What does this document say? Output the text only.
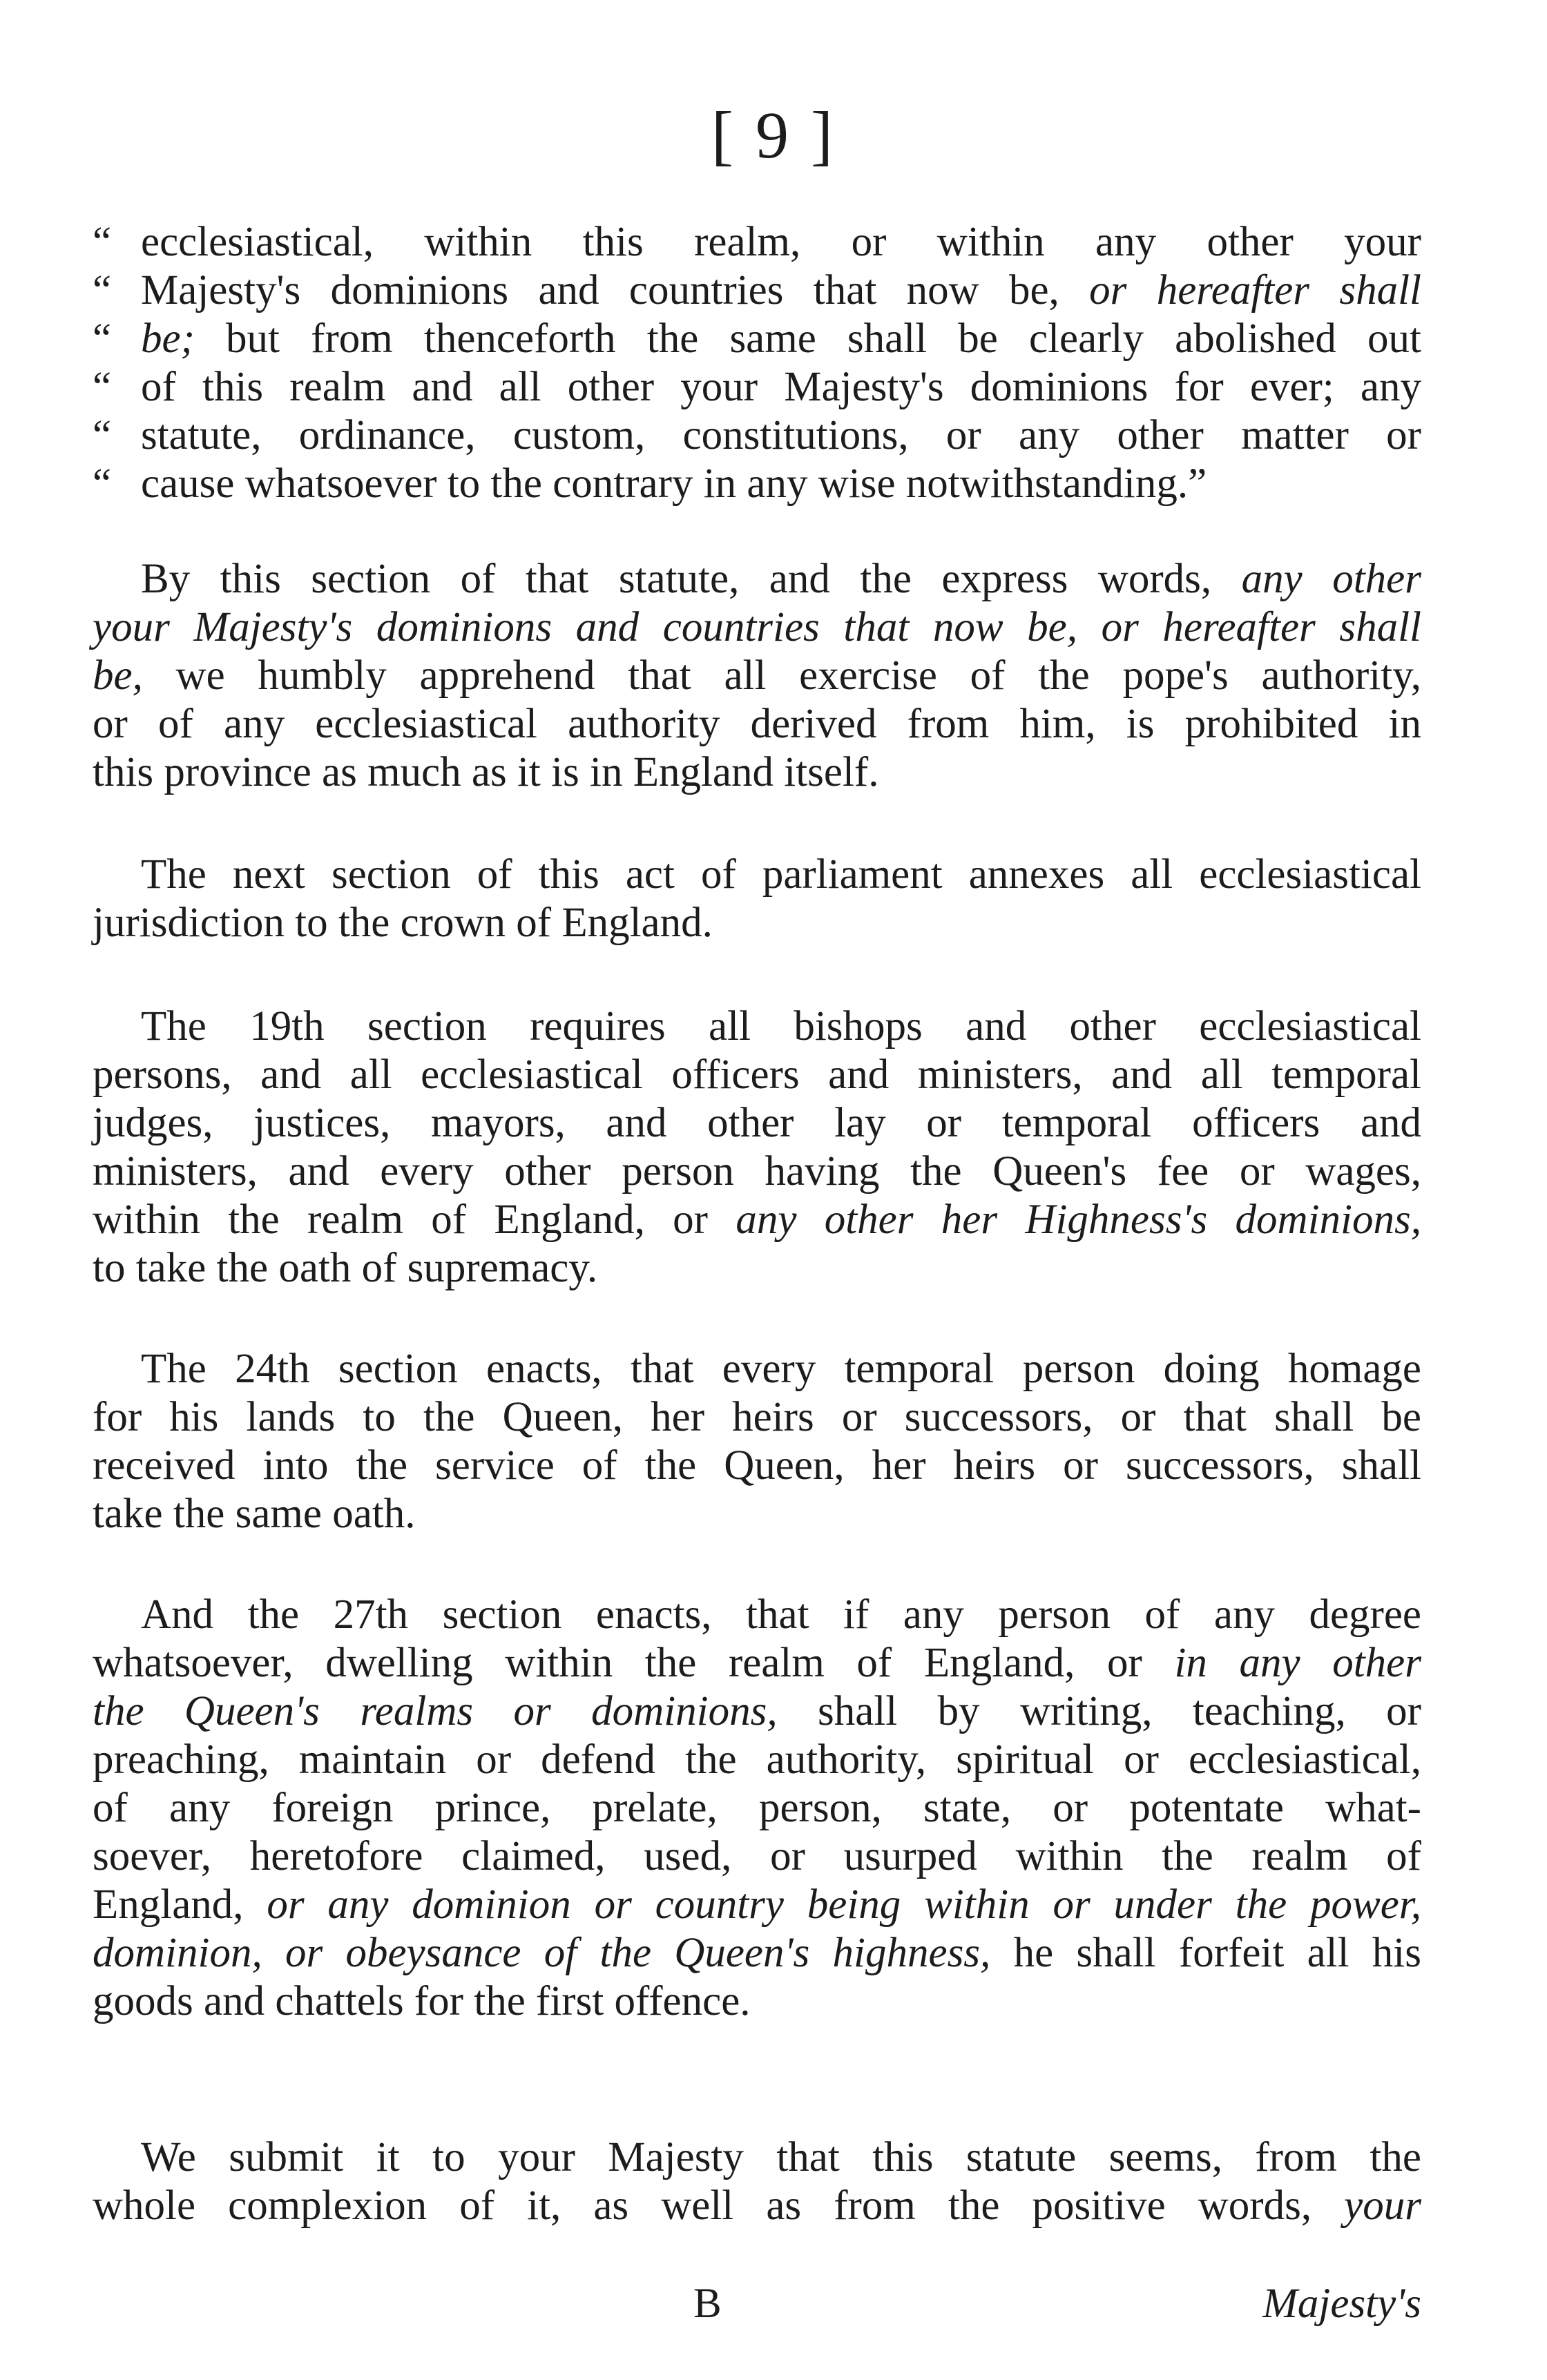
[ 9 ]
“ ecclesiastical, within this realm, or within any other your
“ Majesty's dominions and countries that now be, or hereafter shall
“ be; but from thenceforth the same shall be clearly abolished out
“ of this realm and all other your Majesty's dominions for ever; any
“ statute, ordinance, custom, constitutions, or any other matter or
“ cause whatsoever to the contrary in any wise notwithstanding.”
By this section of that statute, and the express words, any other
your Majesty's dominions and countries that now be, or hereafter shall
be, we humbly apprehend that all exercise of the pope's authority,
or of any ecclesiastical authority derived from him, is prohibited in
this province as much as it is in England itself.
The next section of this act of parliament annexes all ecclesiastical
jurisdiction to the crown of England.
The 19th section requires all bishops and other ecclesiastical
persons, and all ecclesiastical officers and ministers, and all temporal
judges, justices, mayors, and other lay or temporal officers and
ministers, and every other person having the Queen's fee or wages,
within the realm of England, or any other her Highness's dominions,
to take the oath of supremacy.
The 24th section enacts, that every temporal person doing homage
for his lands to the Queen, her heirs or successors, or that shall be
received into the service of the Queen, her heirs or successors, shall
take the same oath.
And the 27th section enacts, that if any person of any degree
whatsoever, dwelling within the realm of England, or in any other
the Queen's realms or dominions, shall by writing, teaching, or
preaching, maintain or defend the authority, spiritual or ecclesiastical,
of any foreign prince, prelate, person, state, or potentate what-
soever, heretofore claimed, used, or usurped within the realm of
England, or any dominion or country being within or under the power,
dominion, or obeysance of the Queen's highness, he shall forfeit all his
goods and chattels for the first offence.
We submit it to your Majesty that this statute seems, from the
whole complexion of it, as well as from the positive words, your
B	Majesty's
